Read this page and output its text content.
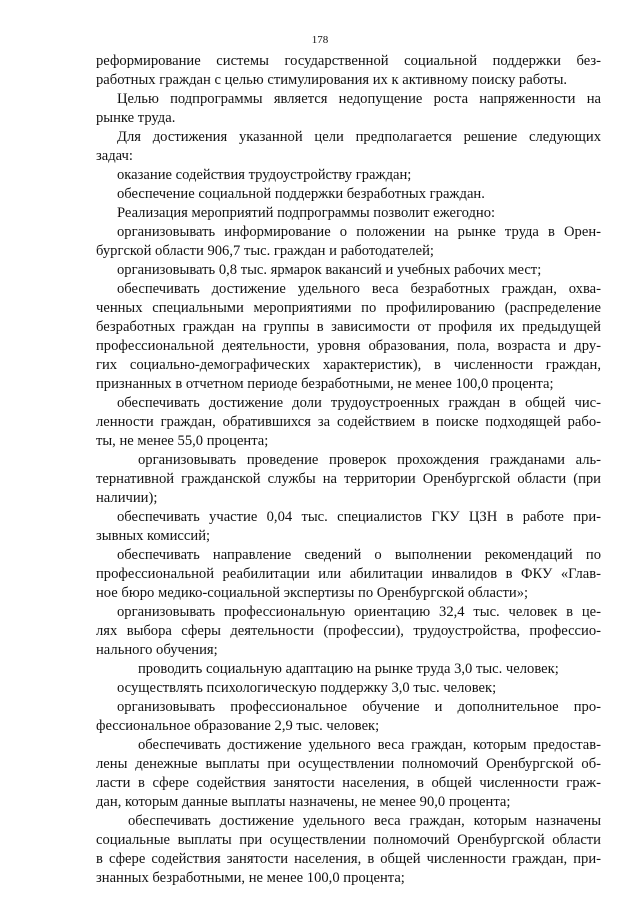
178
реформирование системы государственной социальной поддержки без-
работных граждан с целью стимулирования их к активному поиску работы.
Целью подпрограммы является недопущение роста напряженности на
рынке труда.
Для достижения указанной цели предполагается решение следующих
задач:
оказание содействия трудоустройству граждан;
обеспечение социальной поддержки безработных граждан.
Реализация мероприятий подпрограммы позволит ежегодно:
организовывать информирование о положении на рынке труда в Орен-
бургской области 906,7 тыс. граждан и работодателей;
организовывать 0,8 тыс. ярмарок вакансий и учебных рабочих мест;
обеспечивать достижение удельного веса безработных граждан, охва-
ченных специальными мероприятиями по профилированию (распределение
безработных граждан на группы в зависимости от профиля их предыдущей
профессиональной деятельности, уровня образования, пола, возраста и дру-
гих социально-демографических характеристик), в численности граждан,
признанных в отчетном периоде безработными, не менее 100,0 процента;
обеспечивать достижение доли трудоустроенных граждан в общей чис-
ленности граждан, обратившихся за содействием в поиске подходящей рабо-
ты, не менее 55,0 процента;
организовывать проведение проверок прохождения гражданами аль-
тернативной гражданской службы на территории Оренбургской области (при
наличии);
обеспечивать участие 0,04 тыс. специалистов ГКУ ЦЗН в работе при-
зывных комиссий;
обеспечивать направление сведений о выполнении рекомендаций по
профессиональной реабилитации или абилитации инвалидов в ФКУ «Глав-
ное бюро медико-социальной экспертизы по Оренбургской области»;
организовывать профессиональную ориентацию 32,4 тыс. человек в це-
лях выбора сферы деятельности (профессии), трудоустройства, профессио-
нального обучения;
проводить социальную адаптацию на рынке труда 3,0 тыс. человек;
осуществлять психологическую поддержку 3,0 тыс. человек;
организовывать профессиональное обучение и дополнительное про-
фессиональное образование 2,9 тыс. человек;
обеспечивать достижение удельного веса граждан, которым предостав-
лены денежные выплаты при осуществлении полномочий Оренбургской об-
ласти в сфере содействия занятости населения, в общей численности граж-
дан, которым данные выплаты назначены, не менее 90,0 процента;
обеспечивать достижение удельного веса граждан, которым назначены
социальные выплаты при осуществлении полномочий Оренбургской области
в сфере содействия занятости населения, в общей численности граждан, при-
знанных безработными, не менее 100,0 процента;
